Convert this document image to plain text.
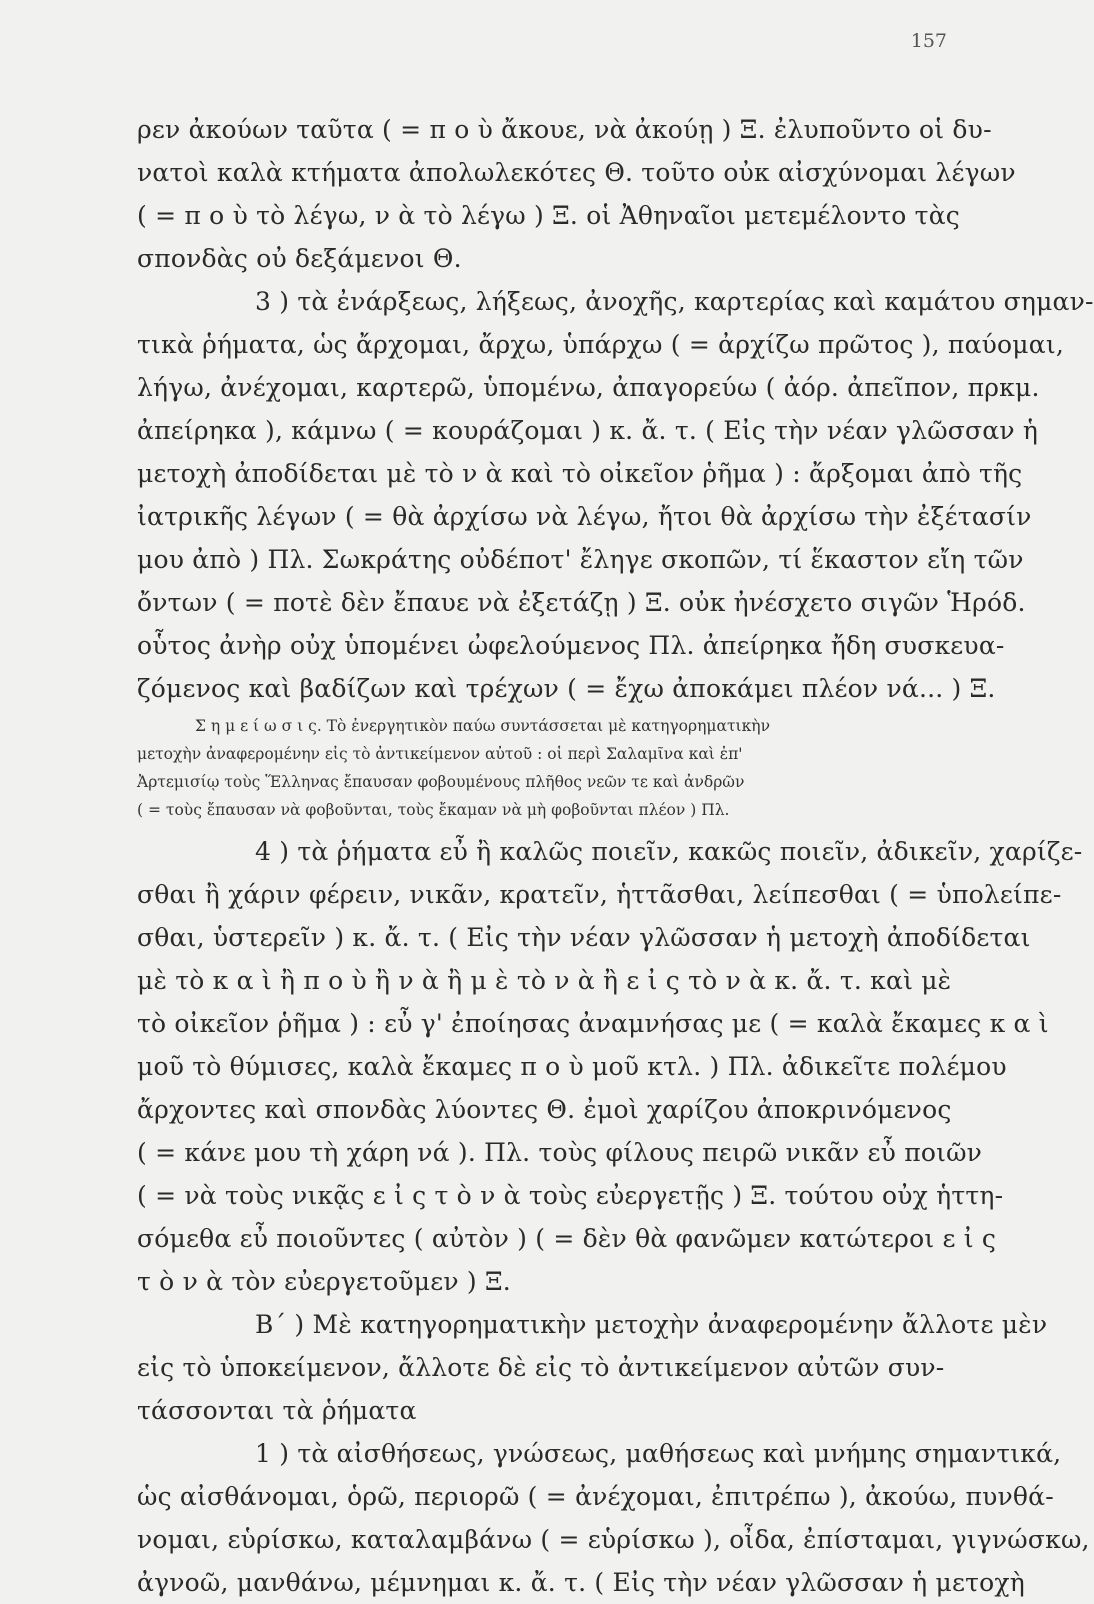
157
ρεν ἀκούων ταῦτα ( = π ο ὺ ἄκουε, νὰ ἀκούῃ ) Ξ. ἐλυποῦντο οἱ δυ-
νατοὶ καλὰ κτήματα ἀπολωλεκότες Θ. τοῦτο οὐκ αἰσχύνομαι λέγων
( = π ο ὺ τὸ λέγω, ν ὰ τὸ λέγω ) Ξ. οἱ Ἀθηναῖοι μετεμέλοντο τὰς
σπονδὰς οὐ δεξάμενοι Θ.
3 ) τὰ ἐνάρξεως, λήξεως, ἀνοχῆς, καρτερίας καὶ καμάτου σημαν-
τικὰ ῥήματα, ὡς ἄρχομαι, ἄρχω, ὑπάρχω ( = ἀρχίζω πρῶτος ), παύομαι,
λήγω, ἀνέχομαι, καρτερῶ, ὑπομένω, ἀπαγορεύω ( ἀόρ. ἀπεῖπον, πρκμ.
ἀπείρηκα ), κάμνω ( = κουράζομαι ) κ. ἄ. τ. ( Εἰς τὴν νέαν γλῶσσαν ἡ
μετοχὴ ἀποδίδεται μὲ τὸ ν ὰ καὶ τὸ οἰκεῖον ῥῆμα ) : ἄρξομαι ἀπὸ τῆς
ἰατρικῆς λέγων ( = θὰ ἀρχίσω νὰ λέγω, ἤτοι θὰ ἀρχίσω τὴν ἐξέτασίν
μου ἀπὸ ) Πλ. Σωκράτης οὐδέποτ' ἔληγε σκοπῶν, τί ἕκαστον εἴη τῶν
ὄντων ( = ποτὲ δὲν ἔπαυε νὰ ἐξετάζῃ ) Ξ. οὐκ ἠνέσχετο σιγῶν Ἡρόδ.
οὗτος ἀνὴρ οὐχ ὑπομένει ὠφελούμενος Πλ. ἀπείρηκα ἤδη συσκευα-
ζόμενος καὶ βαδίζων καὶ τρέχων ( = ἔχω ἀποκάμει πλέον νά... ) Ξ.
Σ η μ ε ί ω σ ι ς. Τὸ ἐνεργητικὸν παύω συντάσσεται μὲ κατηγορηματικὴν
μετοχὴν ἀναφερομένην εἰς τὸ ἀντικείμενον αὐτοῦ : οἱ περὶ Σαλαμῖνα καὶ ἐπ'
Ἀρτεμισίῳ τοὺς Ἕλληνας ἔπαυσαν φοβουμένους πλῆθος νεῶν τε καὶ ἀνδρῶν
( = τοὺς ἔπαυσαν νὰ φοβοῦνται, τοὺς ἔκαμαν νὰ μὴ φοβοῦνται πλέον ) Πλ.
4 ) τὰ ῥήματα εὖ ἢ καλῶς ποιεῖν, κακῶς ποιεῖν, ἀδικεῖν, χαρίζε-
σθαι ἢ χάριν φέρειν, νικᾶν, κρατεῖν, ἡττᾶσθαι, λείπεσθαι ( = ὑπολείπε-
σθαι, ὑστερεῖν ) κ. ἄ. τ. ( Εἰς τὴν νέαν γλῶσσαν ἡ μετοχὴ ἀποδίδεται
μὲ τὸ κ α ὶ ἢ π ο ὺ ἢ ν ὰ ἢ μ ὲ τὸ ν ὰ ἢ ε ἰ ς τὸ ν ὰ κ. ἄ. τ. καὶ μὲ
τὸ οἰκεῖον ῥῆμα ) : εὖ γ' ἐποίησας ἀναμνήσας με ( = καλὰ ἔκαμες κ α ὶ
μοῦ τὸ θύμισες, καλὰ ἔκαμες π ο ὺ μοῦ κτλ. ) Πλ. ἀδικεῖτε πολέμου
ἄρχοντες καὶ σπονδὰς λύοντες Θ. ἐμοὶ χαρίζου ἀποκρινόμενος
( = κάνε μου τὴ χάρη νά ). Πλ. τοὺς φίλους πειρῶ νικᾶν εὖ ποιῶν
( = νὰ τοὺς νικᾷς ε ἰ ς τ ὸ ν ὰ τοὺς εὐεργετῇς ) Ξ. τούτου οὐχ ἡττη-
σόμεθα εὖ ποιοῦντες ( αὐτὸν ) ( = δὲν θὰ φανῶμεν κατώτεροι ε ἰ ς
τ ὸ ν ὰ τὸν εὐεργετοῦμεν ) Ξ.
Β΄ ) Μὲ κατηγορηματικὴν μετοχὴν ἀναφερομένην ἄλλοτε μὲν
εἰς τὸ ὑποκείμενον, ἄλλοτε δὲ εἰς τὸ ἀντικείμενον αὐτῶν συν-
τάσσονται τὰ ῥήματα
1 ) τὰ αἰσθήσεως, γνώσεως, μαθήσεως καὶ μνήμης σημαντικά,
ὡς αἰσθάνομαι, ὁρῶ, περιορῶ ( = ἀνέχομαι, ἐπιτρέπω ), ἀκούω, πυνθά-
νομαι, εὑρίσκω, καταλαμβάνω ( = εὑρίσκω ), οἶδα, ἐπίσταμαι, γιγνώσκω,
ἀγνοῶ, μανθάνω, μέμνημαι κ. ἄ. τ. ( Εἰς τὴν νέαν γλῶσσαν ἡ μετοχὴ
